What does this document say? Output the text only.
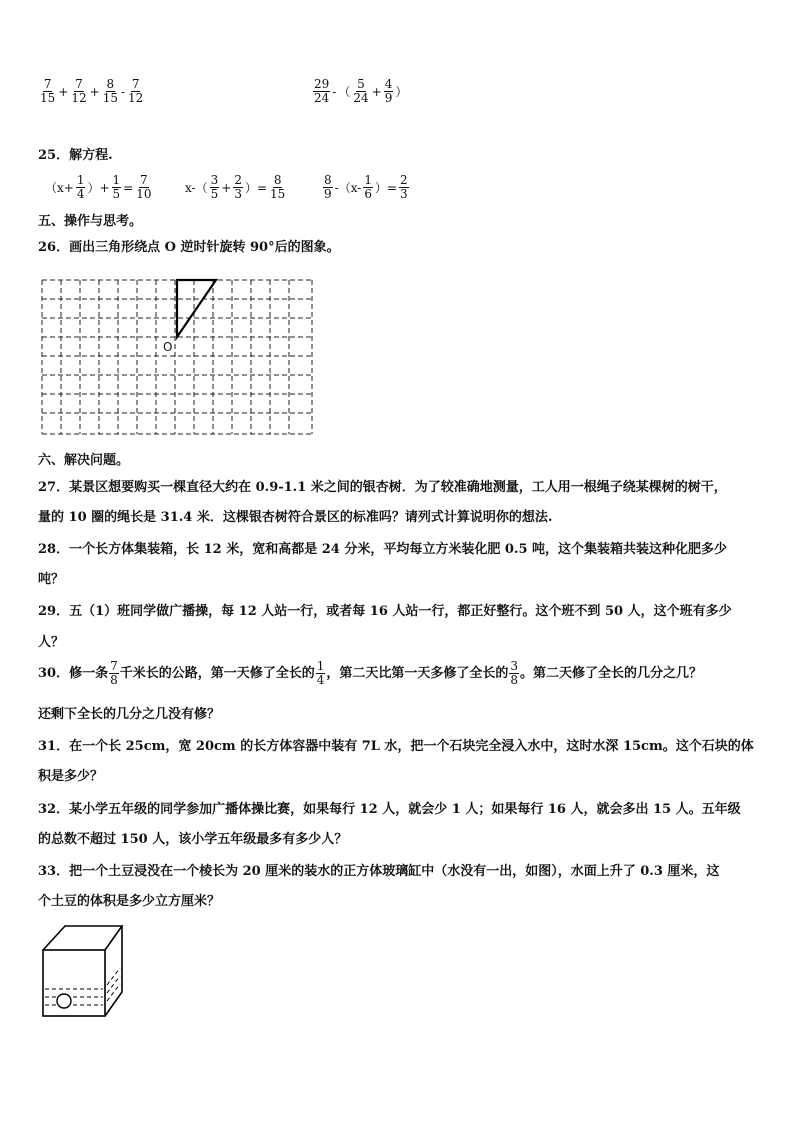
$\frac{7}{15} + \frac{7}{12} + \frac{8}{15} - \frac{7}{12}$	$\frac{29}{24}$ - （ $\frac{5}{24} + \frac{4}{9}$ ）
25．解方程.
（$x+ \frac{1}{4}$ ）+ $\frac{1}{5} = \frac{7}{10}$	$x-( \frac{3}{5} + \frac{2}{3}$ ）= $\frac{8}{15}$	$\frac{8}{9} -(x- \frac{1}{6}$ ）= $\frac{2}{3}$
五、操作与思考。
26．画出三角形绕点 O 逆时针旋转 90°后的图象。
O
六、解决问题。
27．某景区想要购买一棵直径大约在 0.9-1.1 米之间的银杏树．为了较准确地测量，工人用一根绳子绕某棵树的树干，
量的 10 圈的绳长是 31.4 米．这棵银杏树符合景区的标准吗？请列式计算说明你的想法.
28．一个长方体集装箱，长 12 米，宽和高都是 24 分米，平均每立方米装化肥 0.5 吨，这个集装箱共装这种化肥多少
吨？
29．五（1）班同学做广播操，每 12 人站一行，或者每 16 人站一行，都正好整行。这个班不到 50 人，这个班有多少
人？
30．修一条 $\frac{7}{8}$ 千米长的公路，第一天修了全长的 $\frac{1}{4}$ ，第二天比第一天多修了全长的 $\frac{3}{8}$ 。第二天修了全长的几分之几？
还剩下全长的几分之几没有修？
31．在一个长 25cm，宽 20cm 的长方体容器中装有 7L 水，把一个石块完全浸入水中，这时水深 15cm。这个石块的体
积是多少？
32．某小学五年级的同学参加广播体操比赛，如果每行 12 人，就会少 1 人；如果每行 16 人，就会多出 15 人。五年级
的总数不超过 150 人，该小学五年级最多有多少人？
33．把一个土豆浸没在一个棱长为 20 厘米的装水的正方体玻璃缸中（水没有一出，如图），水面上升了 0.3 厘米，这
个土豆的体积是多少立方厘米？
